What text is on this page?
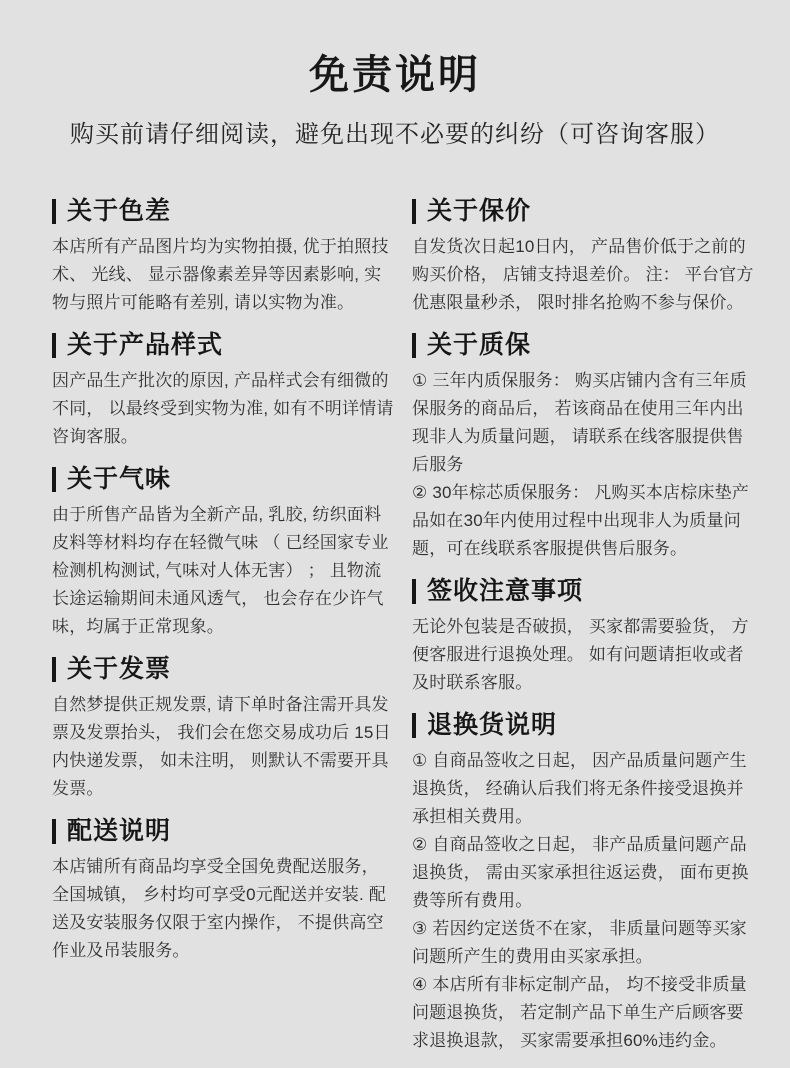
免责说明

购买前请仔细阅读，避免出现不必要的纠纷（可咨询客服）

关于色差

本店所有产品图片均为实物拍摄, 优于拍照技术、 光线、 显示器像素差异等因素影响, 实物与照片可能略有差别, 请以实物为准。

关于产品样式

因产品生产批次的原因, 产品样式会有细微的不同， 以最终受到实物为准, 如有不明详情请咨询客服。

关于气味

由于所售产品皆为全新产品, 乳胶, 纺织面料皮料等材料均存在轻微气味 （ 已经国家专业检测机构测试, 气味对人体无害） ； 且物流长途运输期间未通风透气， 也会存在少许气味，均属于正常现象。

关于发票

自然梦提供正规发票, 请下单时备注需开具发票及发票抬头， 我们会在您交易成功后 15日内快递发票， 如未注明， 则默认不需要开具发票。

配送说明

本店铺所有商品均享受全国免费配送服务， 全国城镇， 乡村均可享受0元配送并安装. 配送及安装服务仅限于室内操作， 不提供高空作业及吊装服务。

关于保价

自发货次日起10日内， 产品售价低于之前的购买价格， 店铺支持退差价。 注： 平台官方优惠限量秒杀， 限时排名抢购不参与保价。

关于质保

① 三年内质保服务： 购买店铺内含有三年质保服务的商品后， 若该商品在使用三年内出现非人为质量问题， 请联系在线客服提供售后服务

② 30年棕芯质保服务： 凡购买本店棕床垫产品如在30年内使用过程中出现非人为质量问题，可在线联系客服提供售后服务。

签收注意事项

无论外包装是否破损， 买家都需要验货， 方便客服进行退换处理。 如有问题请拒收或者及时联系客服。

退换货说明

① 自商品签收之日起， 因产品质量问题产生退换货， 经确认后我们将无条件接受退换并承担相关费用。

② 自商品签收之日起， 非产品质量问题产品退换货， 需由买家承担往返运费， 面布更换费等所有费用。

③ 若因约定送货不在家， 非质量问题等买家问题所产生的费用由买家承担。

④ 本店所有非标定制产品， 均不接受非质量问题退换货， 若定制产品下单生产后顾客要求退换退款， 买家需要承担60%违约金。
